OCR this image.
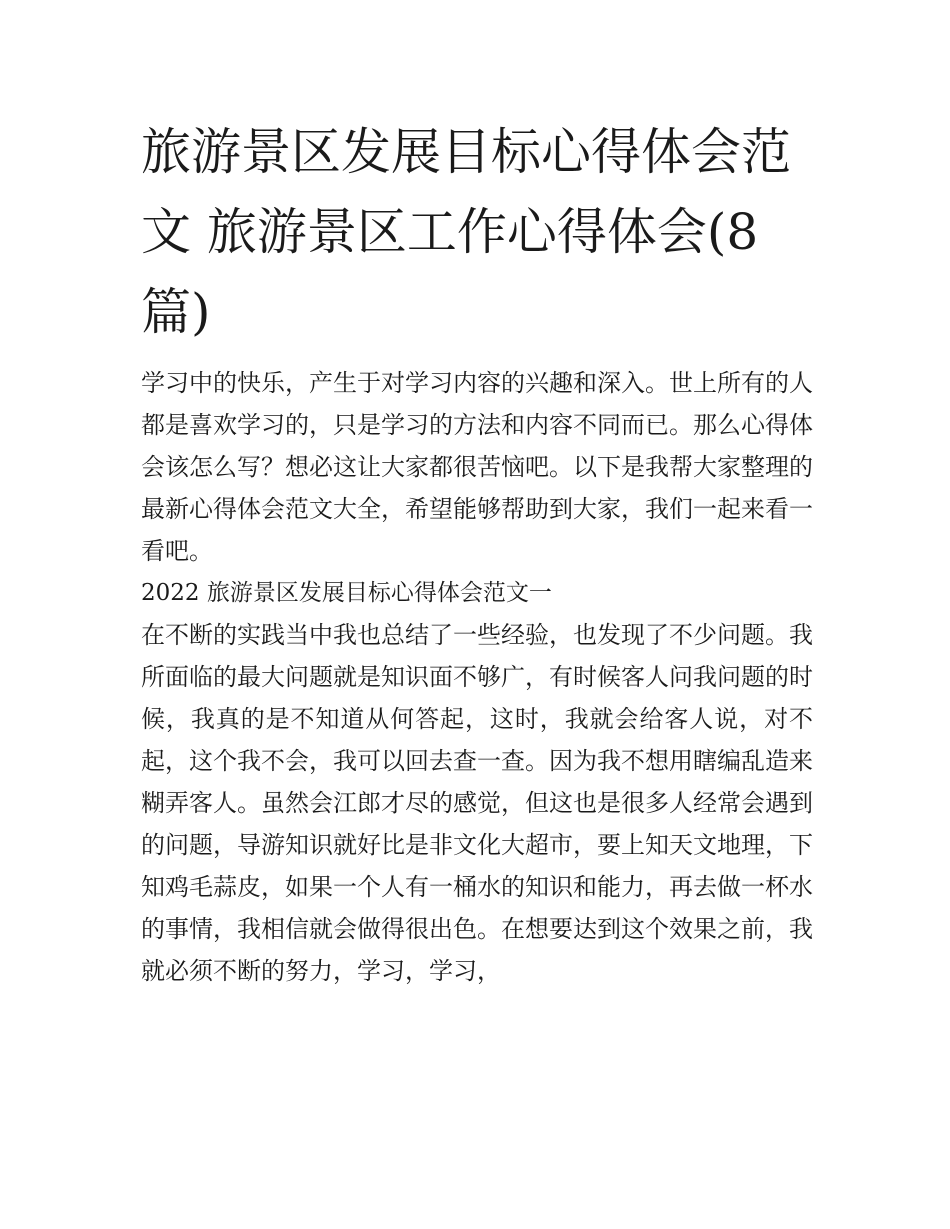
旅游景区发展目标心得体会范文 旅游景区工作心得体会(8篇)

学习中的快乐，产生于对学习内容的兴趣和深入。世上所有的人都是喜欢学习的，只是学习的方法和内容不同而已。那么心得体会该怎么写？想必这让大家都很苦恼吧。以下是我帮大家整理的最新心得体会范文大全，希望能够帮助到大家，我们一起来看一看吧。

2022 旅游景区发展目标心得体会范文一

在不断的实践当中我也总结了一些经验，也发现了不少问题。我所面临的最大问题就是知识面不够广，有时候客人问我问题的时候，我真的是不知道从何答起，这时，我就会给客人说，对不起，这个我不会，我可以回去查一查。因为我不想用瞎编乱造来糊弄客人。虽然会江郎才尽的感觉，但这也是很多人经常会遇到的问题，导游知识就好比是非文化大超市，要上知天文地理，下知鸡毛蒜皮，如果一个人有一桶水的知识和能力，再去做一杯水的事情，我相信就会做得很出色。在想要达到这个效果之前，我就必须不断的努力，学习，学习，
